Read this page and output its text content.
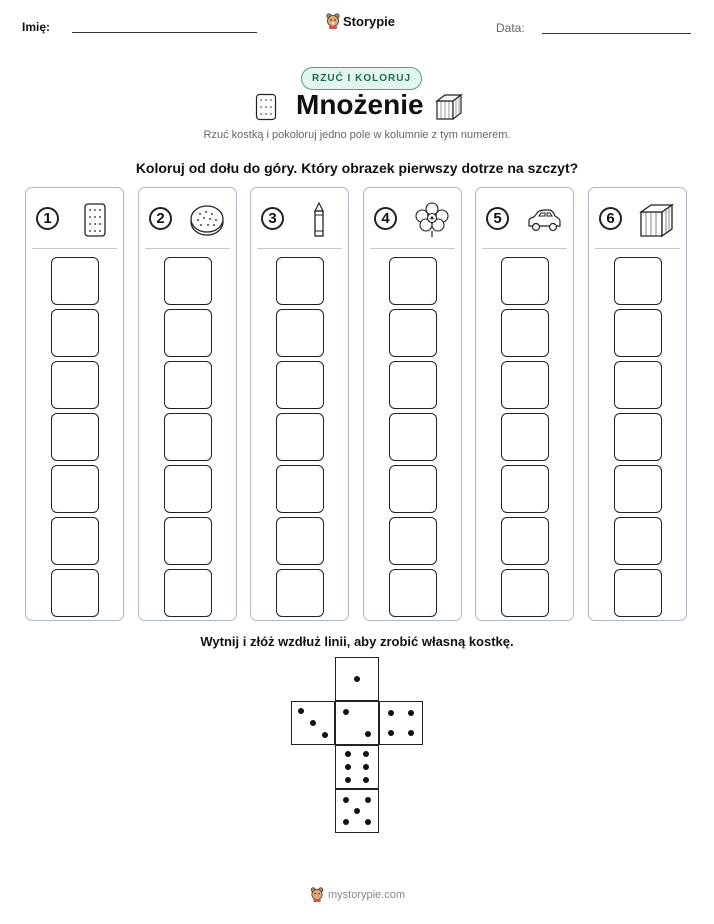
Imię:	Storypie	Data:
RZUĆ I KOLORUJ
Mnożenie
Rzuć kostką i pokoloruj jedno pole w kolumnie z tym numerem.
Koloruj od dołu do góry. Który obrazek pierwszy dotrze na szczyt?
1	2	3	4	5	6
Wytnij i złóż wzdłuż linii, aby zrobić własną kostkę.
mystorypie.com
